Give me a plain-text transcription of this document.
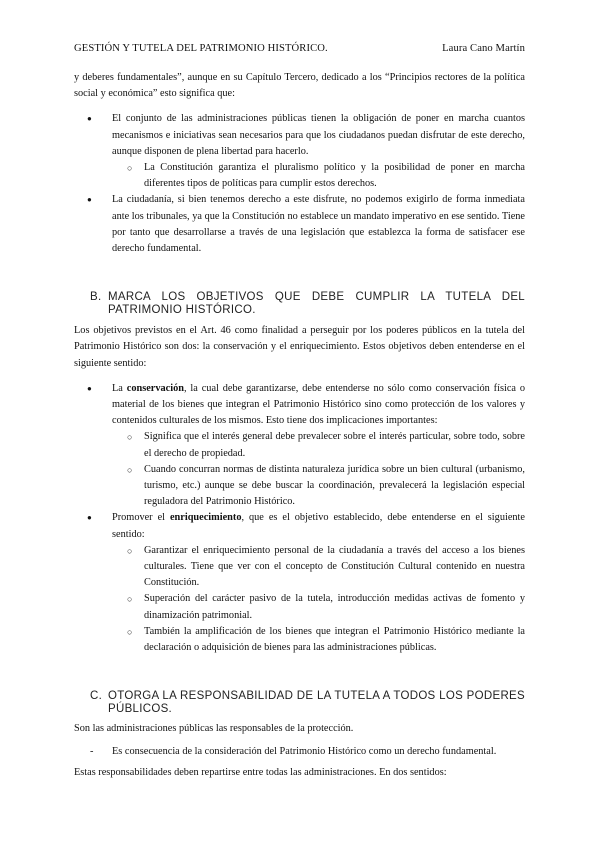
GESTIÓN Y TUTELA DEL PATRIMONIO HISTÓRICO.	Laura Cano Martín

y deberes fundamentales”, aunque en su Capítulo Tercero, dedicado a los “Principios rectores de la política social y económica” esto significa que:

● El conjunto de las administraciones públicas tienen la obligación de poner en marcha cuantos mecanismos e iniciativas sean necesarios para que los ciudadanos puedan disfrutar de este derecho, aunque disponen de plena libertad para hacerlo.
○ La Constitución garantiza el pluralismo político y la posibilidad de poner en marcha diferentes tipos de políticas para cumplir estos derechos.
● La ciudadanía, si bien tenemos derecho a este disfrute, no podemos exigirlo de forma inmediata ante los tribunales, ya que la Constitución no establece un mandato imperativo en ese sentido. Tiene por tanto que desarrollarse a través de una legislación que establezca la forma de satisfacer ese derecho fundamental.
B. MARCA LOS OBJETIVOS QUE DEBE CUMPLIR LA TUTELA DEL PATRIMONIO HISTÓRICO.

Los objetivos previstos en el Art. 46 como finalidad a perseguir por los poderes públicos en la tutela del Patrimonio Histórico son dos: la conservación y el enriquecimiento. Estos objetivos deben entenderse en el siguiente sentido:

● La conservación, la cual debe garantizarse, debe entenderse no sólo como conservación física o material de los bienes que integran el Patrimonio Histórico sino como protección de los valores y contenidos culturales de los mismos. Esto tiene dos implicaciones importantes:
○ Significa que el interés general debe prevalecer sobre el interés particular, sobre todo, sobre el derecho de propiedad.
○ Cuando concurran normas de distinta naturaleza jurídica sobre un bien cultural (urbanismo, turismo, etc.) aunque se debe buscar la coordinación, prevalecerá la legislación especial reguladora del Patrimonio Histórico.
● Promover el enriquecimiento, que es el objetivo establecido, debe entenderse en el siguiente sentido:
○ Garantizar el enriquecimiento personal de la ciudadanía a través del acceso a los bienes culturales. Tiene que ver con el concepto de Constitución Cultural contenido en nuestra Constitución.
○ Superación del carácter pasivo de la tutela, introducción medidas activas de fomento y dinamización patrimonial.
○ También la amplificación de los bienes que integran el Patrimonio Histórico mediante la declaración o adquisición de bienes para las administraciones públicas.
C. OTORGA LA RESPONSABILIDAD DE LA TUTELA A TODOS LOS PODERES PÚBLICOS.

Son las administraciones públicas las responsables de la protección.

- Es consecuencia de la consideración del Patrimonio Histórico como un derecho fundamental.

Estas responsabilidades deben repartirse entre todas las administraciones. En dos sentidos:
